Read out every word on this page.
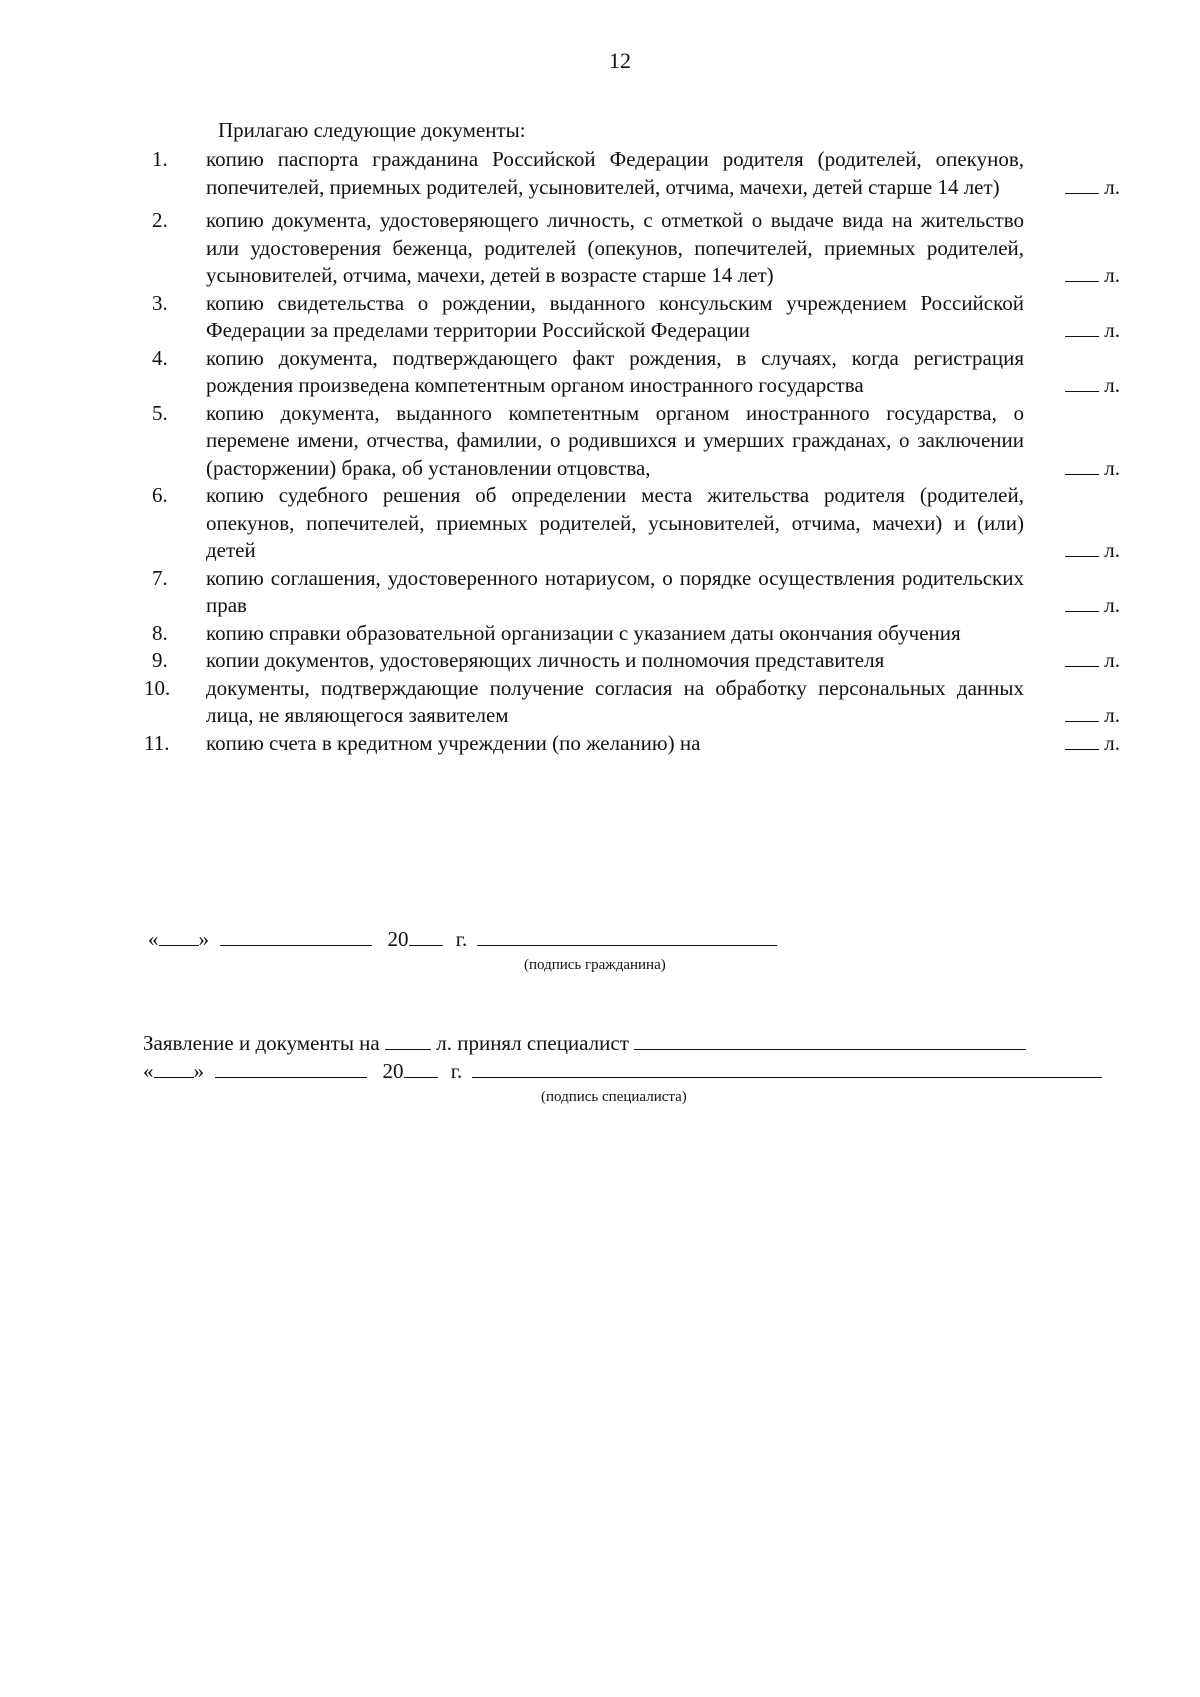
12
Прилагаю следующие документы:
1.	копию паспорта гражданина Российской Федерации родителя (родителей, опекунов, попечителей, приемных родителей, усыновителей, отчима, мачехи, детей старше 14 лет)	л.
2.	копию документа, удостоверяющего личность, с отметкой о выдаче вида на жительство или удостоверения беженца, родителей (опекунов, попечителей, приемных родителей, усыновителей, отчима, мачехи, детей в возрасте старше 14 лет)	л.
3.	копию свидетельства о рождении, выданного консульским учреждением Российской Федерации за пределами территории Российской Федерации	л.
4.	копию документа, подтверждающего факт рождения, в случаях, когда регистрация рождения произведена компетентным органом иностранного государства	л.
5.	копию документа, выданного компетентным органом иностранного государства, о перемене имени, отчества, фамилии, о родившихся и умерших гражданах, о заключении (расторжении) брака, об установлении отцовства,	л.
6.	копию судебного решения об определении места жительства родителя (родителей, опекунов, попечителей, приемных родителей, усыновителей, отчима, мачехи) и (или) детей	л.
7.	копию соглашения, удостоверенного нотариусом, о порядке осуществления родительских прав	л.
8.	копию справки образовательной организации с указанием даты окончания обучения
9.	копии документов, удостоверяющих личность и полномочия представителя	л.
10.	документы, подтверждающие получение согласия на обработку персональных данных лица, не являющегося заявителем	л.
11.	копию счета в кредитном учреждении (по желанию) на	л.
« »	20 г.
(подпись гражданина)
Заявление и документы на	л. принял специалист
« »	20 г.
(подпись специалиста)
